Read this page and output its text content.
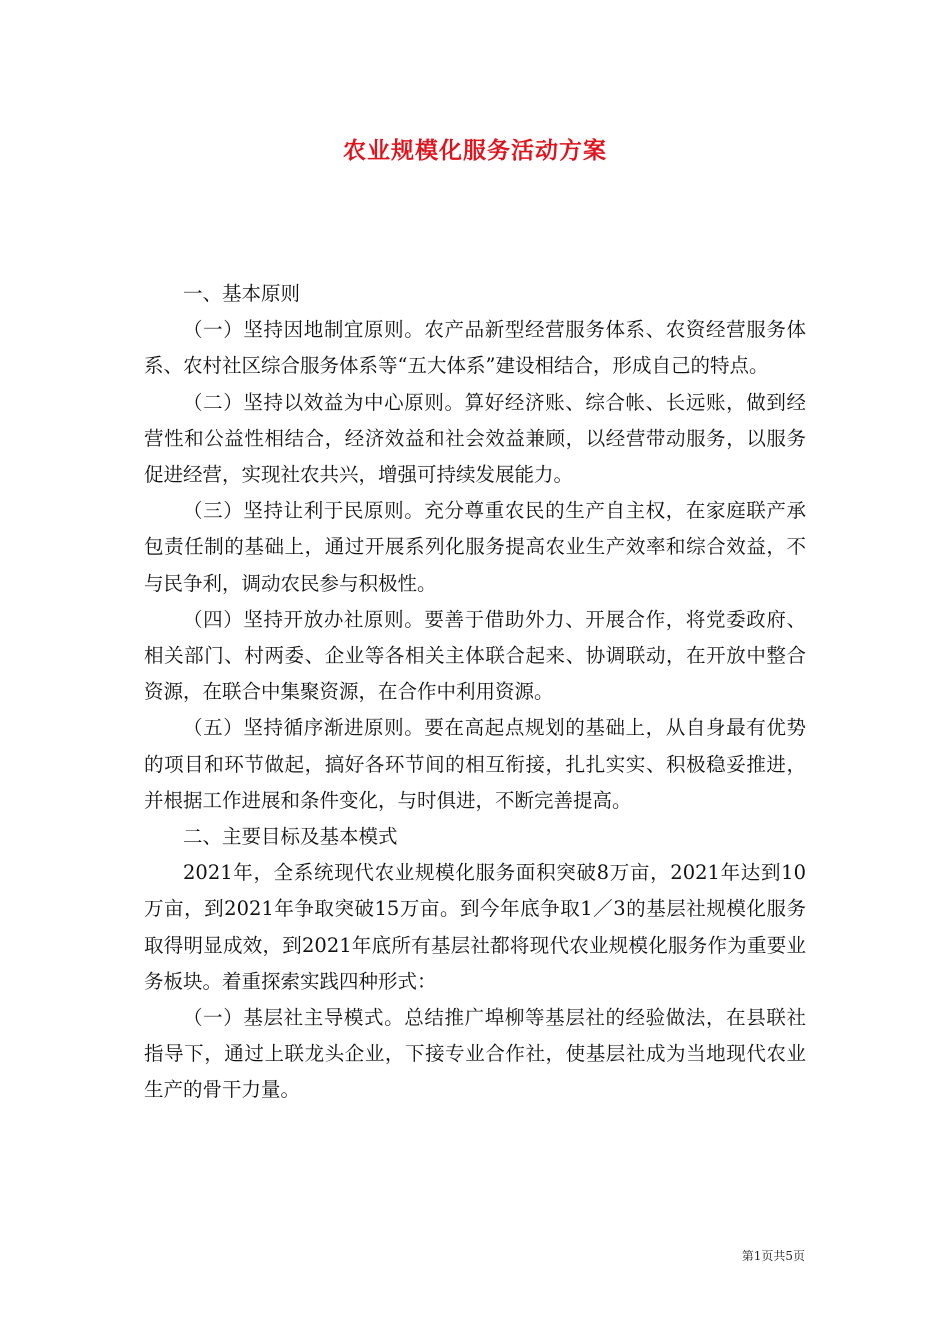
农业规模化服务活动方案

一、基本原则

（一）坚持因地制宜原则。农产品新型经营服务体系、农资经营服务体系、农村社区综合服务体系等“五大体系”建设相结合，形成自己的特点。

（二）坚持以效益为中心原则。算好经济账、综合帐、长远账，做到经营性和公益性相结合，经济效益和社会效益兼顾，以经营带动服务，以服务促进经营，实现社农共兴，增强可持续发展能力。

（三）坚持让利于民原则。充分尊重农民的生产自主权，在家庭联产承包责任制的基础上，通过开展系列化服务提高农业生产效率和综合效益，不与民争利，调动农民参与积极性。

（四）坚持开放办社原则。要善于借助外力、开展合作，将党委政府、相关部门、村两委、企业等各相关主体联合起来、协调联动，在开放中整合资源，在联合中集聚资源，在合作中利用资源。

（五）坚持循序渐进原则。要在高起点规划的基础上，从自身最有优势的项目和环节做起，搞好各环节间的相互衔接，扎扎实实、积极稳妥推进，并根据工作进展和条件变化，与时俱进，不断完善提高。

二、主要目标及基本模式

2021年，全系统现代农业规模化服务面积突破8万亩，2021年达到10万亩，到2021年争取突破15万亩。到今年底争取1／3的基层社规模化服务取得明显成效，到2021年底所有基层社都将现代农业规模化服务作为重要业务板块。着重探索实践四种形式：

（一）基层社主导模式。总结推广埠柳等基层社的经验做法，在县联社指导下，通过上联龙头企业，下接专业合作社，使基层社成为当地现代农业生产的骨干力量。

第1页共5页
